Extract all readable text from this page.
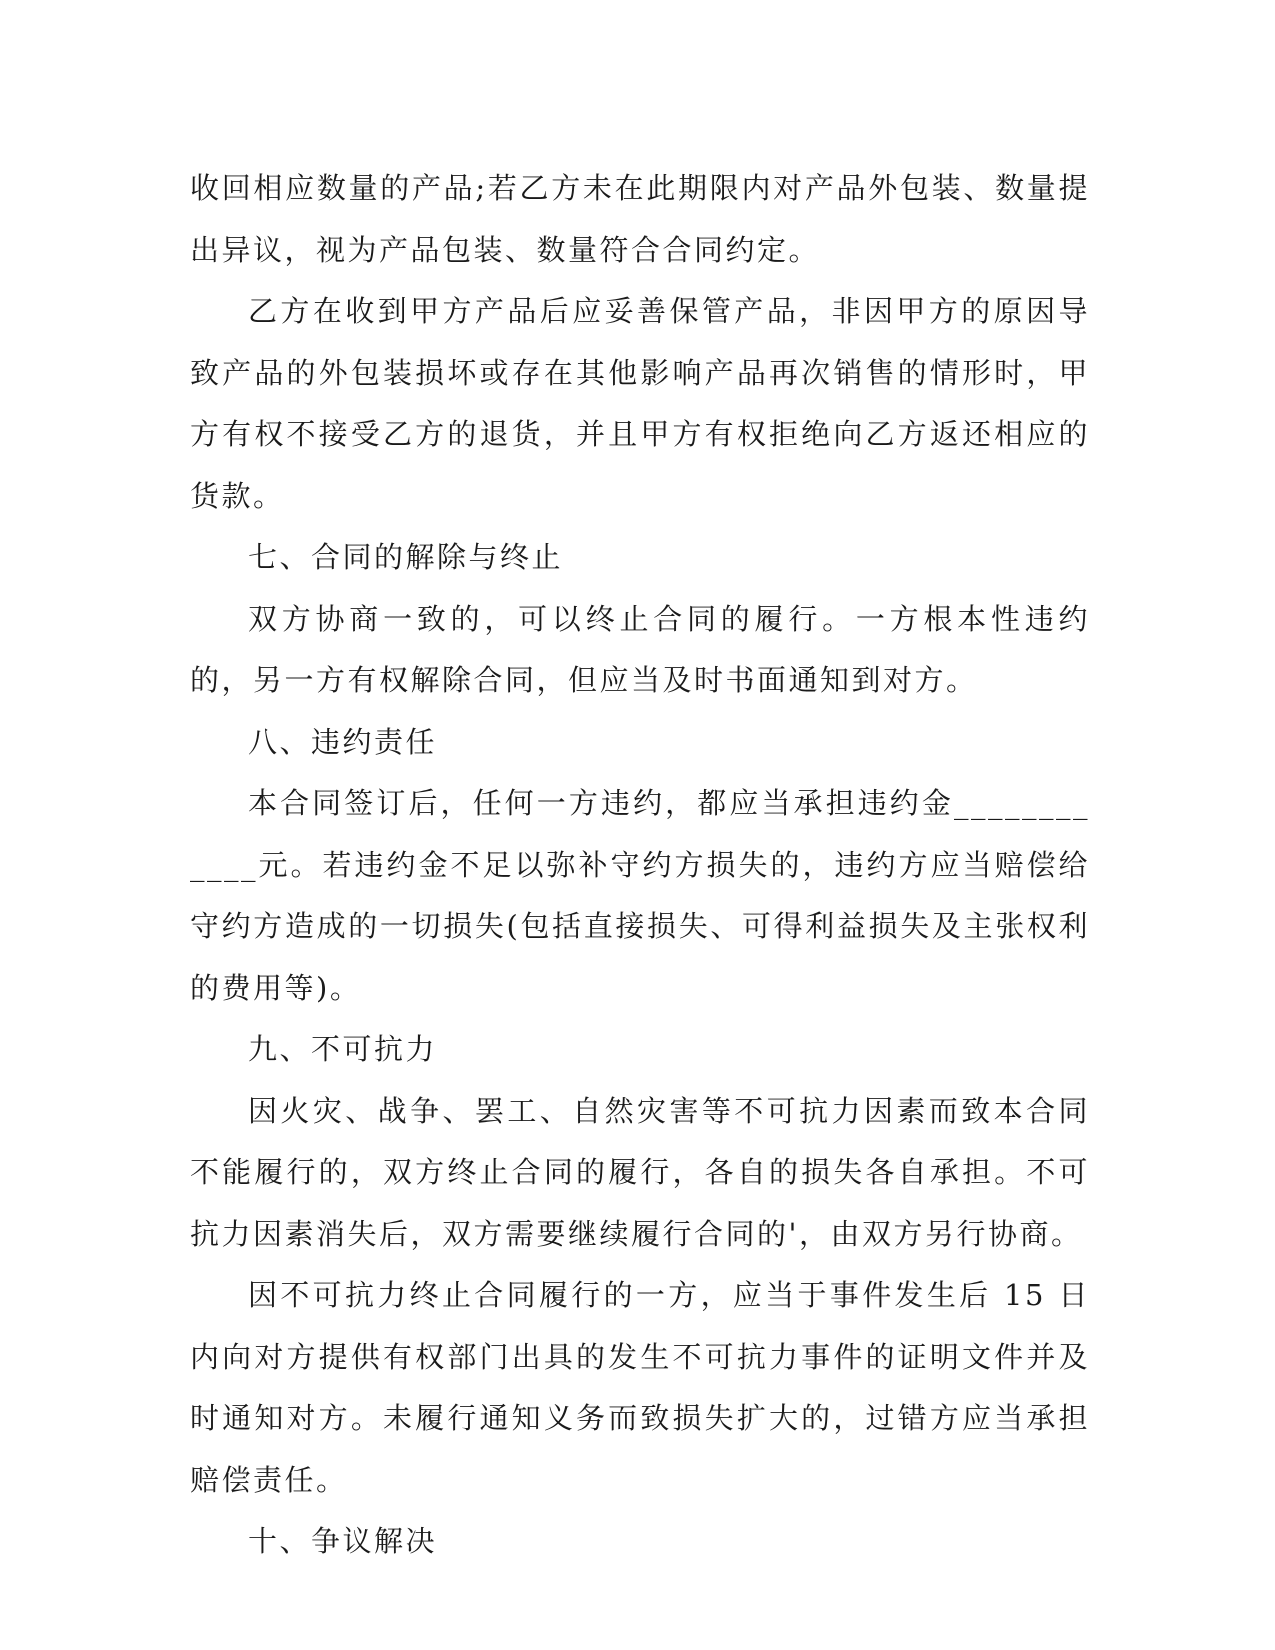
收回相应数量的产品;若乙方未在此期限内对产品外包装、数量提出异议，视为产品包装、数量符合合同约定。

乙方在收到甲方产品后应妥善保管产品，非因甲方的原因导致产品的外包装损坏或存在其他影响产品再次销售的情形时，甲方有权不接受乙方的退货，并且甲方有权拒绝向乙方返还相应的货款。

七、合同的解除与终止

双方协商一致的，可以终止合同的履行。一方根本性违约的，另一方有权解除合同，但应当及时书面通知到对方。

八、违约责任

本合同签订后，任何一方违约，都应当承担违约金____________元。若违约金不足以弥补守约方损失的，违约方应当赔偿给守约方造成的一切损失(包括直接损失、可得利益损失及主张权利的费用等)。

九、不可抗力

因火灾、战争、罢工、自然灾害等不可抗力因素而致本合同不能履行的，双方终止合同的履行，各自的损失各自承担。不可抗力因素消失后，双方需要继续履行合同的'，由双方另行协商。

因不可抗力终止合同履行的一方，应当于事件发生后 15 日内向对方提供有权部门出具的发生不可抗力事件的证明文件并及时通知对方。未履行通知义务而致损失扩大的，过错方应当承担赔偿责任。

十、争议解决
